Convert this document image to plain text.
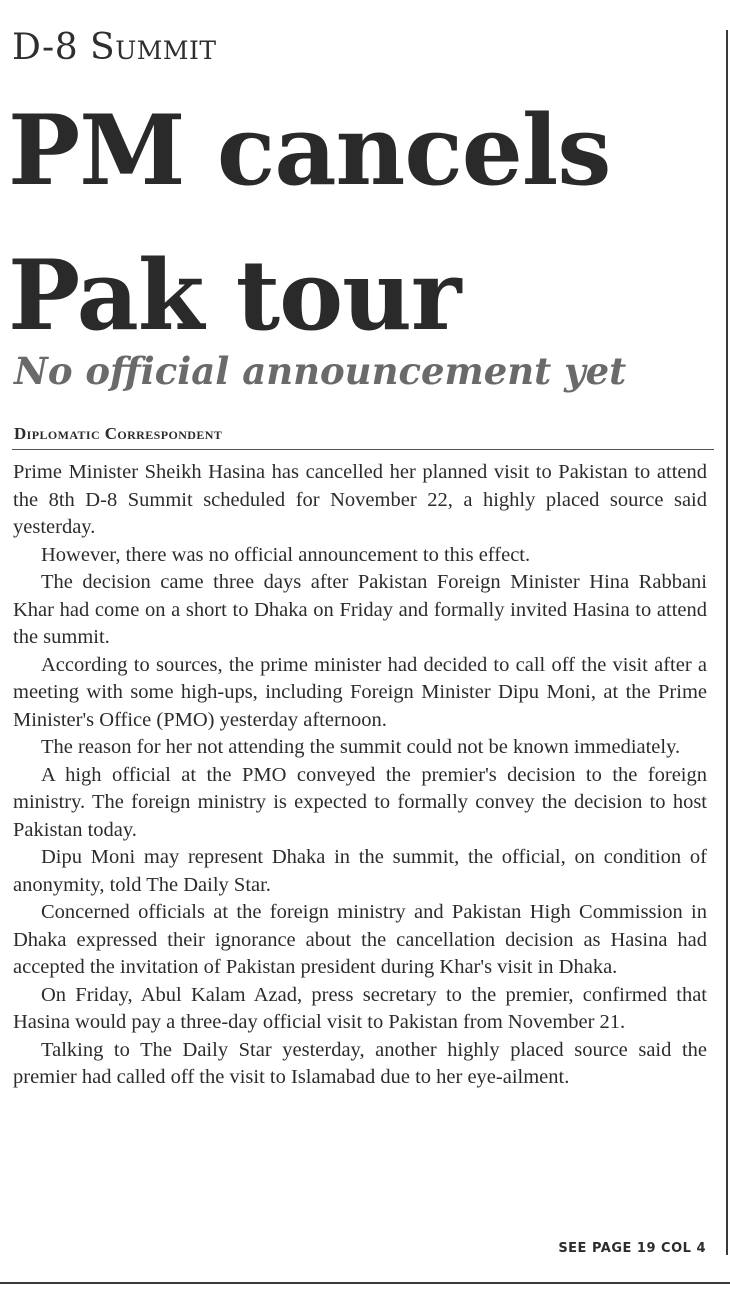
D-8 Summit
PM cancels
Pak tour
No official announcement yet
Diplomatic Correspondent

Prime Minister Sheikh Hasina has cancelled her planned visit to Pakistan to attend the 8th D-8 Summit scheduled for November 22, a highly placed source said yesterday.

However, there was no official announcement to this effect.

The decision came three days after Pakistan Foreign Minister Hina Rabbani Khar had come on a short to Dhaka on Friday and formally invited Hasina to attend the summit.

According to sources, the prime minister had decided to call off the visit after a meeting with some high-ups, including Foreign Minister Dipu Moni, at the Prime Minister's Office (PMO) yesterday afternoon.

The reason for her not attending the summit could not be known immediately.

A high official at the PMO conveyed the premier's decision to the foreign ministry. The foreign ministry is expected to formally convey the decision to host Pakistan today.

Dipu Moni may represent Dhaka in the summit, the official, on condition of anonymity, told The Daily Star.

Concerned officials at the foreign ministry and Pakistan High Commission in Dhaka expressed their ignorance about the cancellation decision as Hasina had accepted the invitation of Pakistan president during Khar's visit in Dhaka.

On Friday, Abul Kalam Azad, press secretary to the premier, confirmed that Hasina would pay a three-day official visit to Pakistan from November 21.

Talking to The Daily Star yesterday, another highly placed source said the premier had called off the visit to Islamabad due to her eye-ailment.

SEE PAGE 19 COL 4
